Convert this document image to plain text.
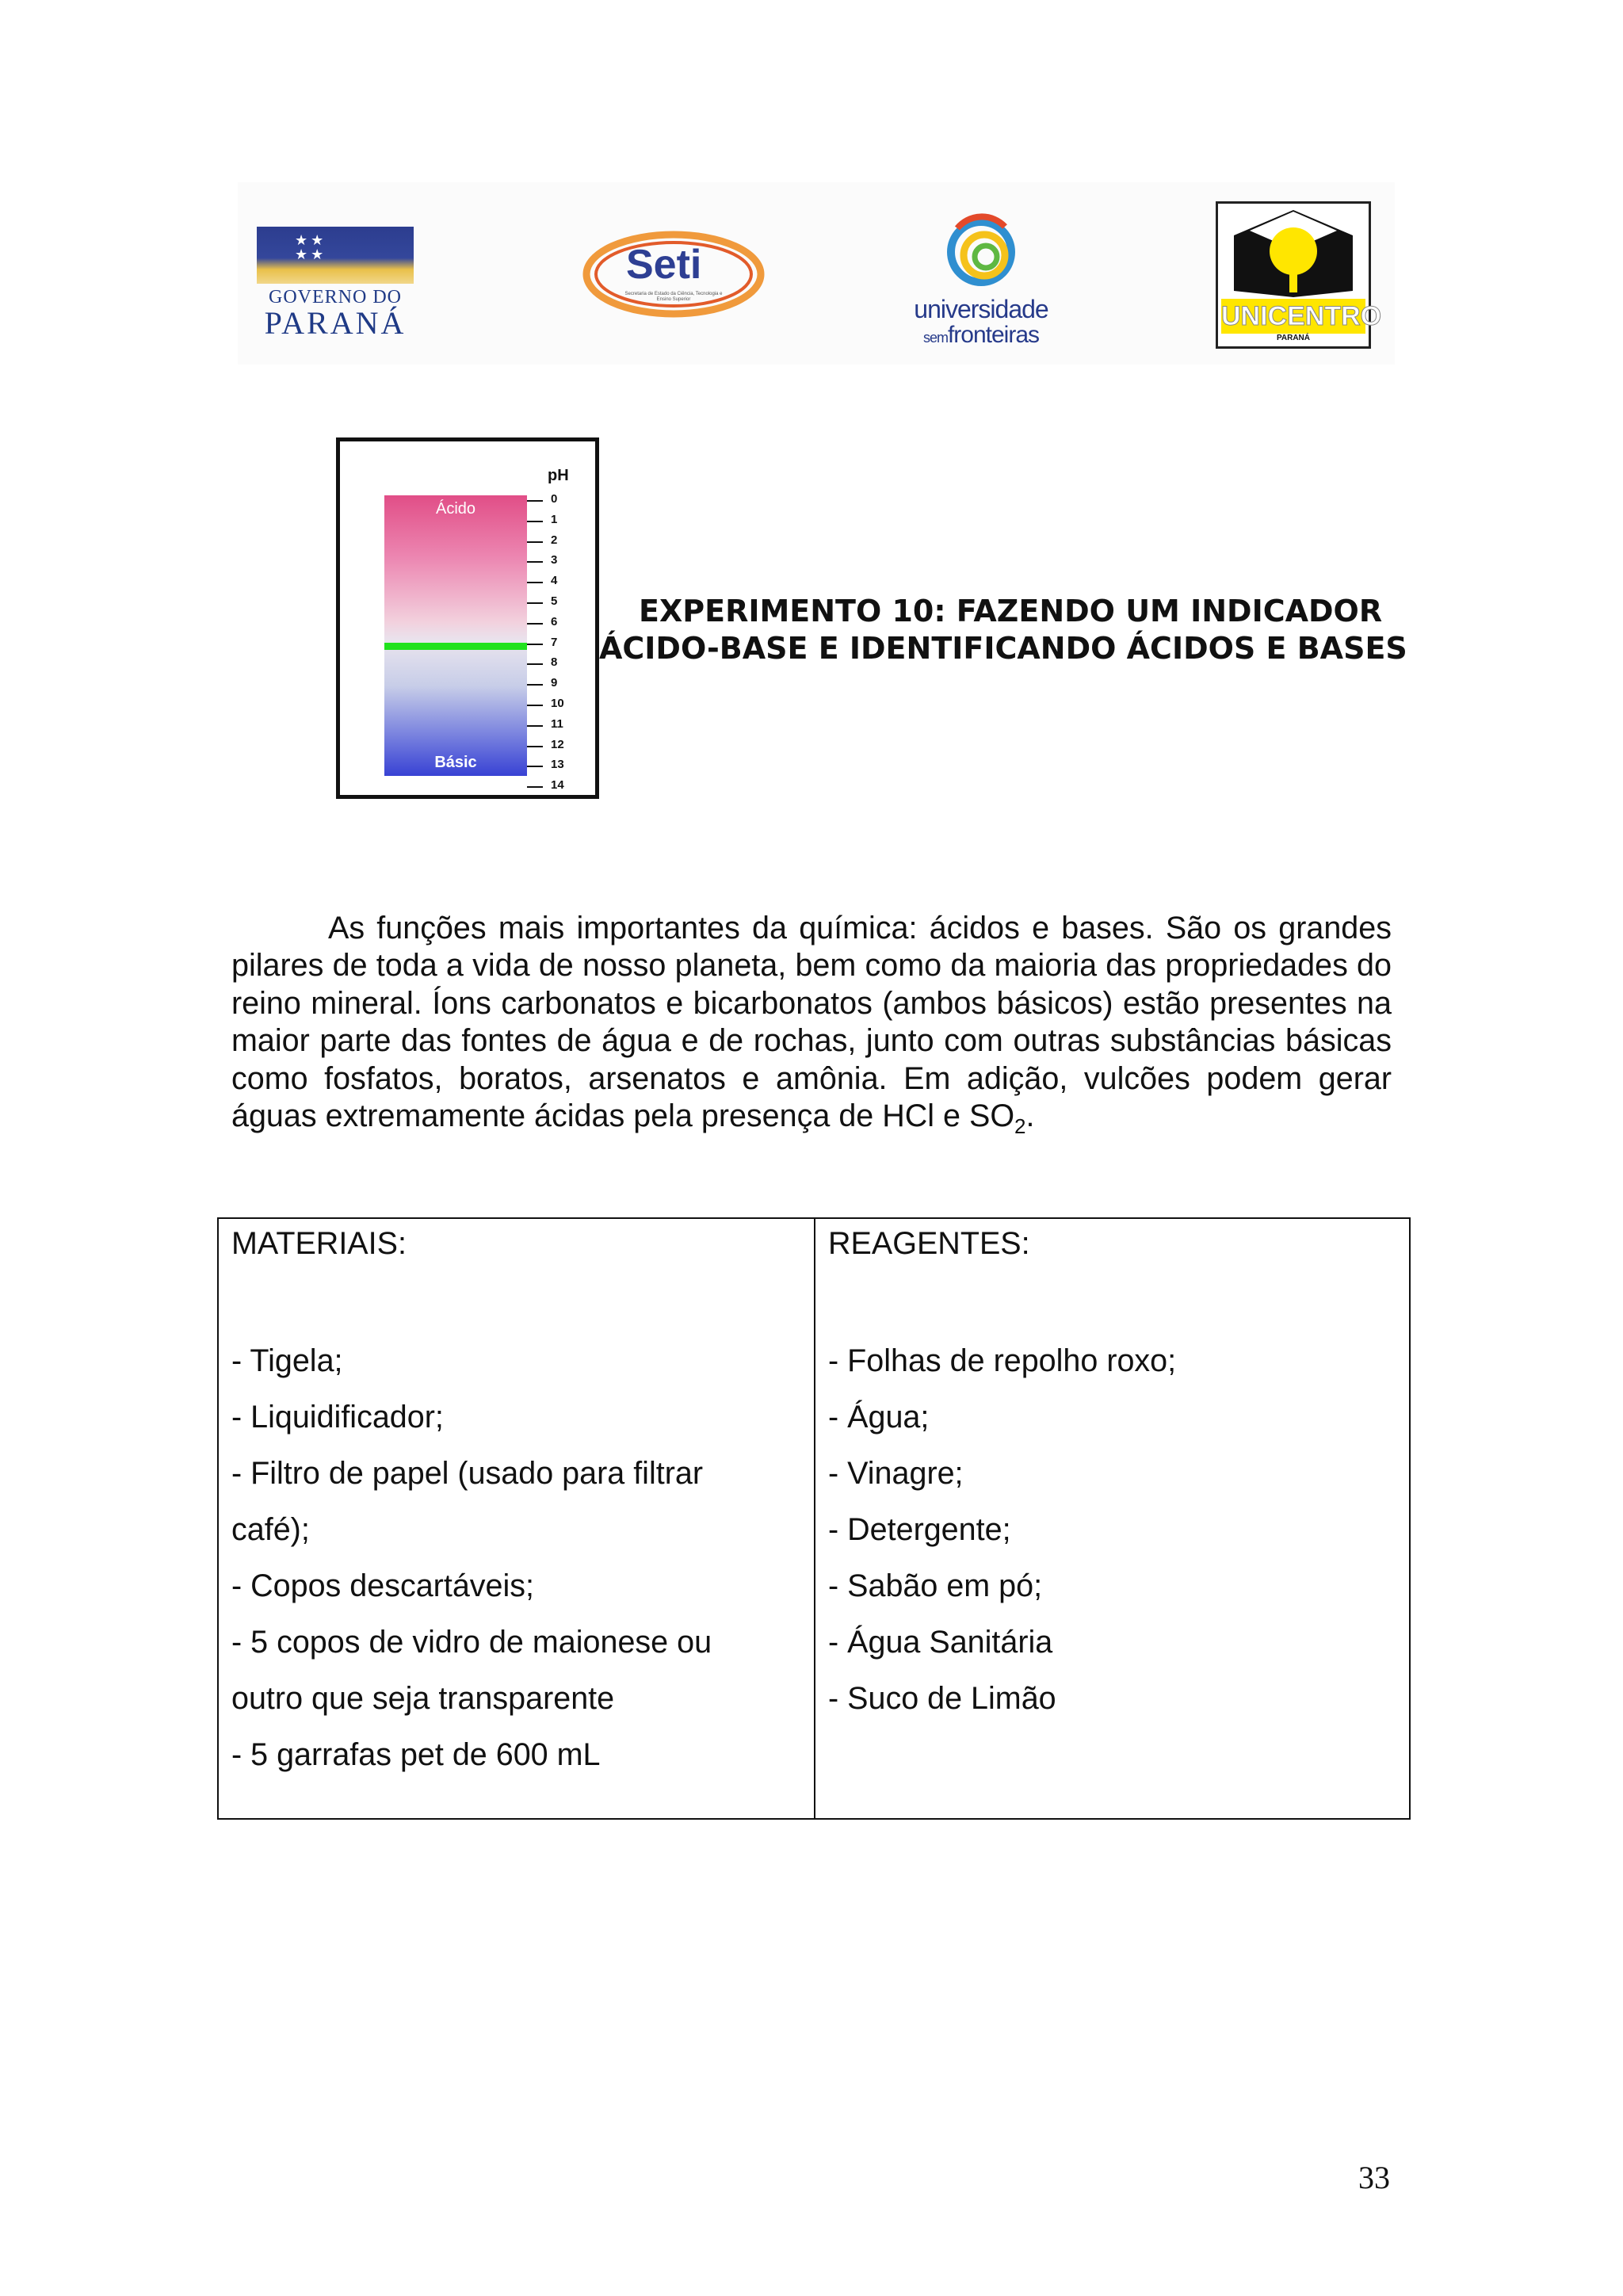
★★
★★
GOVERNO DO
PARANÁ
Seti
Secretaria de Estado da Ciência, Tecnologia e Ensino Superior	universidade
semfronteiras
UNICENTRO
PARANÁ
pH
Ácido
Básic
0
1
2
3
4
5
6
7
8
9
10
11
12
13
14
EXPERIMENTO 10: FAZENDO UM INDICADOR
ÁCIDO-BASE E IDENTIFICANDO ÁCIDOS E BASES

As funções mais importantes da química: ácidos e bases. São os grandes pilares de toda a vida de nosso planeta, bem como da maioria das propriedades do reino mineral. Íons carbonatos e bicarbonatos (ambos básicos) estão presentes na maior parte das fontes de água e de rochas, junto com outras substâncias básicas como fosfatos, boratos, arsenatos e amônia. Em adição, vulcões podem gerar águas extremamente ácidas pela presença de HCl e $SO_2$.

MATERIAIS:
- Tigela;
- Liquidificador;
- Filtro de papel (usado para filtrar
café);
- Copos descartáveis;
- 5 copos de vidro de maionese ou
outro que seja transparente
- 5 garrafas pet de 600 mL
REAGENTES:
- Folhas de repolho roxo;
- Água;
- Vinagre;
- Detergente;
- Sabão em pó;
- Água Sanitária
- Suco de Limão
33
